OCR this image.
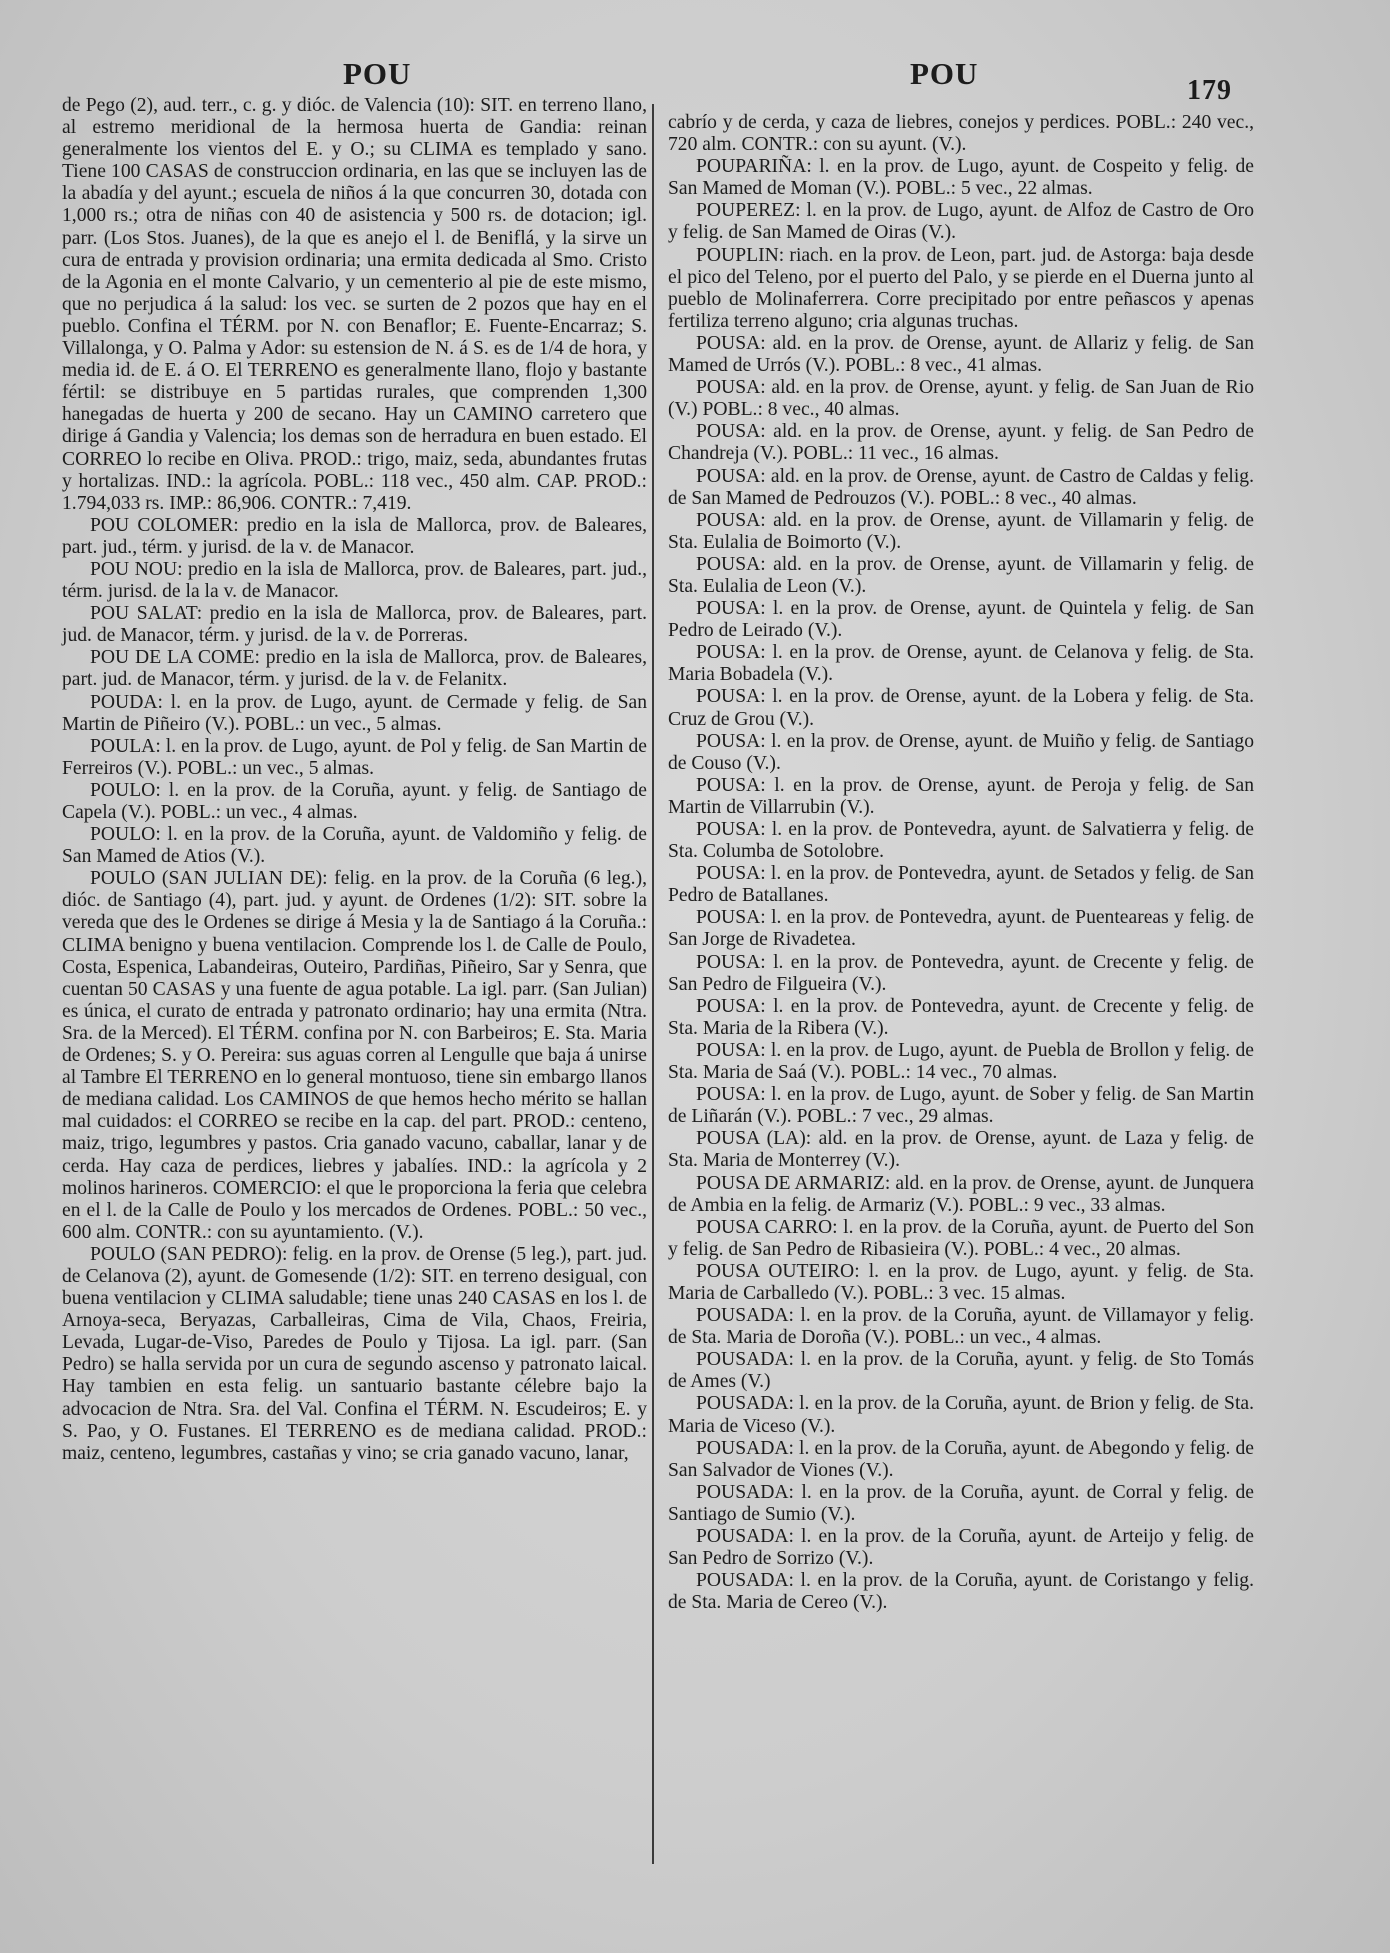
POU	POU	179

de Pego (2), aud. terr., c. g. y dióc. de Valencia (10): SIT. en terreno llano, al estremo meridional de la hermosa huerta de Gandia: reinan generalmente los vientos del E. y O.; su CLIMA es templado y sano. Tiene 100 CASAS de construccion ordinaria, en las que se incluyen las de la abadía y del ayunt.; escuela de niños á la que concurren 30, dotada con 1,000 rs.; otra de niñas con 40 de asistencia y 500 rs. de dotacion; igl. parr. (Los Stos. Juanes), de la que es anejo el l. de Beniflá, y la sirve un cura de entrada y provision ordinaria; una ermita dedicada al Smo. Cristo de la Agonia en el monte Calvario, y un cementerio al pie de este mismo, que no perjudica á la salud: los vec. se surten de 2 pozos que hay en el pueblo. Confina el TÉRM. por N. con Benaflor; E. Fuente-Encarraz; S. Villalonga, y O. Palma y Ador: su estension de N. á S. es de 1/4 de hora, y media id. de E. á O. El TERRENO es generalmente llano, flojo y bastante fértil: se distribuye en 5 partidas rurales, que comprenden 1,300 hanegadas de huerta y 200 de secano. Hay un CAMINO carretero que dirige á Gandia y Valencia; los demas son de herradura en buen estado. El CORREO lo recibe en Oliva. PROD.: trigo, maiz, seda, abundantes frutas y hortalizas. IND.: la agrícola. POBL.: 118 vec., 450 alm. CAP. PROD.: 1.794,033 rs. IMP.: 86,906. CONTR.: 7,419.

POU COLOMER: predio en la isla de Mallorca, prov. de Baleares, part. jud., térm. y jurisd. de la v. de Manacor.

POU NOU: predio en la isla de Mallorca, prov. de Baleares, part. jud., térm. jurisd. de la la v. de Manacor.

POU SALAT: predio en la isla de Mallorca, prov. de Baleares, part. jud. de Manacor, térm. y jurisd. de la v. de Porreras.

POU DE LA COME: predio en la isla de Mallorca, prov. de Baleares, part. jud. de Manacor, térm. y jurisd. de la v. de Felanitx.

POUDA: l. en la prov. de Lugo, ayunt. de Cermade y felig. de San Martin de Piñeiro (V.). POBL.: un vec., 5 almas.

POULA: l. en la prov. de Lugo, ayunt. de Pol y felig. de San Martin de Ferreiros (V.). POBL.: un vec., 5 almas.

POULO: l. en la prov. de la Coruña, ayunt. y felig. de Santiago de Capela (V.). POBL.: un vec., 4 almas.

POULO: l. en la prov. de la Coruña, ayunt. de Valdomiño y felig. de San Mamed de Atios (V.).

POULO (SAN JULIAN DE): felig. en la prov. de la Coruña (6 leg.), dióc. de Santiago (4), part. jud. y ayunt. de Ordenes (1/2): SIT. sobre la vereda que des le Ordenes se dirige á Mesia y la de Santiago á la Coruña.: CLIMA benigno y buena ventilacion. Comprende los l. de Calle de Poulo, Costa, Espenica, Labandeiras, Outeiro, Pardiñas, Piñeiro, Sar y Senra, que cuentan 50 CASAS y una fuente de agua potable. La igl. parr. (San Julian) es única, el curato de entrada y patronato ordinario; hay una ermita (Ntra. Sra. de la Merced). El TÉRM. confina por N. con Barbeiros; E. Sta. Maria de Ordenes; S. y O. Pereira: sus aguas corren al Lengulle que baja á unirse al Tambre El TERRENO en lo general montuoso, tiene sin embargo llanos de mediana calidad. Los CAMINOS de que hemos hecho mérito se hallan mal cuidados: el CORREO se recibe en la cap. del part. PROD.: centeno, maiz, trigo, legumbres y pastos. Cria ganado vacuno, caballar, lanar y de cerda. Hay caza de perdices, liebres y jabalíes. IND.: la agrícola y 2 molinos harineros. COMERCIO: el que le proporciona la feria que celebra en el l. de la Calle de Poulo y los mercados de Ordenes. POBL.: 50 vec., 600 alm. CONTR.: con su ayuntamiento. (V.).

POULO (SAN PEDRO): felig. en la prov. de Orense (5 leg.), part. jud. de Celanova (2), ayunt. de Gomesende (1/2): SIT. en terreno desigual, con buena ventilacion y CLIMA saludable; tiene unas 240 CASAS en los l. de Arnoya-seca, Beryazas, Carballeiras, Cima de Vila, Chaos, Freiria, Levada, Lugar-de-Viso, Paredes de Poulo y Tijosa. La igl. parr. (San Pedro) se halla servida por un cura de segundo ascenso y patronato laical. Hay tambien en esta felig. un santuario bastante célebre bajo la advocacion de Ntra. Sra. del Val. Confina el TÉRM. N. Escudeiros; E. y S. Pao, y O. Fustanes. El TERRENO es de mediana calidad. PROD.: maiz, centeno, legumbres, castañas y vino; se cria ganado vacuno, lanar,

cabrío y de cerda, y caza de liebres, conejos y perdices. POBL.: 240 vec., 720 alm. CONTR.: con su ayunt. (V.).

POUPARIÑA: l. en la prov. de Lugo, ayunt. de Cospeito y felig. de San Mamed de Moman (V.). POBL.: 5 vec., 22 almas.

POUPEREZ: l. en la prov. de Lugo, ayunt. de Alfoz de Castro de Oro y felig. de San Mamed de Oiras (V.).

POUPLIN: riach. en la prov. de Leon, part. jud. de Astorga: baja desde el pico del Teleno, por el puerto del Palo, y se pierde en el Duerna junto al pueblo de Molinaferrera. Corre precipitado por entre peñascos y apenas fertiliza terreno alguno; cria algunas truchas.

POUSA: ald. en la prov. de Orense, ayunt. de Allariz y felig. de San Mamed de Urrós (V.). POBL.: 8 vec., 41 almas.

POUSA: ald. en la prov. de Orense, ayunt. y felig. de San Juan de Rio (V.) POBL.: 8 vec., 40 almas.

POUSA: ald. en la prov. de Orense, ayunt. y felig. de San Pedro de Chandreja (V.). POBL.: 11 vec., 16 almas.

POUSA: ald. en la prov. de Orense, ayunt. de Castro de Caldas y felig. de San Mamed de Pedrouzos (V.). POBL.: 8 vec., 40 almas.

POUSA: ald. en la prov. de Orense, ayunt. de Villamarin y felig. de Sta. Eulalia de Boimorto (V.).

POUSA: ald. en la prov. de Orense, ayunt. de Villamarin y felig. de Sta. Eulalia de Leon (V.).

POUSA: l. en la prov. de Orense, ayunt. de Quintela y felig. de San Pedro de Leirado (V.).

POUSA: l. en la prov. de Orense, ayunt. de Celanova y felig. de Sta. Maria Bobadela (V.).

POUSA: l. en la prov. de Orense, ayunt. de la Lobera y felig. de Sta. Cruz de Grou (V.).

POUSA: l. en la prov. de Orense, ayunt. de Muiño y felig. de Santiago de Couso (V.).

POUSA: l. en la prov. de Orense, ayunt. de Peroja y felig. de San Martin de Villarrubin (V.).

POUSA: l. en la prov. de Pontevedra, ayunt. de Salvatierra y felig. de Sta. Columba de Sotolobre.

POUSA: l. en la prov. de Pontevedra, ayunt. de Setados y felig. de San Pedro de Batallanes.

POUSA: l. en la prov. de Pontevedra, ayunt. de Puenteareas y felig. de San Jorge de Rivadetea.

POUSA: l. en la prov. de Pontevedra, ayunt. de Crecente y felig. de San Pedro de Filgueira (V.).

POUSA: l. en la prov. de Pontevedra, ayunt. de Crecente y felig. de Sta. Maria de la Ribera (V.).

POUSA: l. en la prov. de Lugo, ayunt. de Puebla de Brollon y felig. de Sta. Maria de Saá (V.). POBL.: 14 vec., 70 almas.

POUSA: l. en la prov. de Lugo, ayunt. de Sober y felig. de San Martin de Liñarán (V.). POBL.: 7 vec., 29 almas.

POUSA (LA): ald. en la prov. de Orense, ayunt. de Laza y felig. de Sta. Maria de Monterrey (V.).

POUSA DE ARMARIZ: ald. en la prov. de Orense, ayunt. de Junquera de Ambia en la felig. de Armariz (V.). POBL.: 9 vec., 33 almas.

POUSA CARRO: l. en la prov. de la Coruña, ayunt. de Puerto del Son y felig. de San Pedro de Ribasieira (V.). POBL.: 4 vec., 20 almas.

POUSA OUTEIRO: l. en la prov. de Lugo, ayunt. y felig. de Sta. Maria de Carballedo (V.). POBL.: 3 vec. 15 almas.

POUSADA: l. en la prov. de la Coruña, ayunt. de Villamayor y felig. de Sta. Maria de Doroña (V.). POBL.: un vec., 4 almas.

POUSADA: l. en la prov. de la Coruña, ayunt. y felig. de Sto Tomás de Ames (V.)

POUSADA: l. en la prov. de la Coruña, ayunt. de Brion y felig. de Sta. Maria de Viceso (V.).

POUSADA: l. en la prov. de la Coruña, ayunt. de Abegondo y felig. de San Salvador de Viones (V.).

POUSADA: l. en la prov. de la Coruña, ayunt. de Corral y felig. de Santiago de Sumio (V.).

POUSADA: l. en la prov. de la Coruña, ayunt. de Arteijo y felig. de San Pedro de Sorrizo (V.).

POUSADA: l. en la prov. de la Coruña, ayunt. de Coristango y felig. de Sta. Maria de Cereo (V.).
